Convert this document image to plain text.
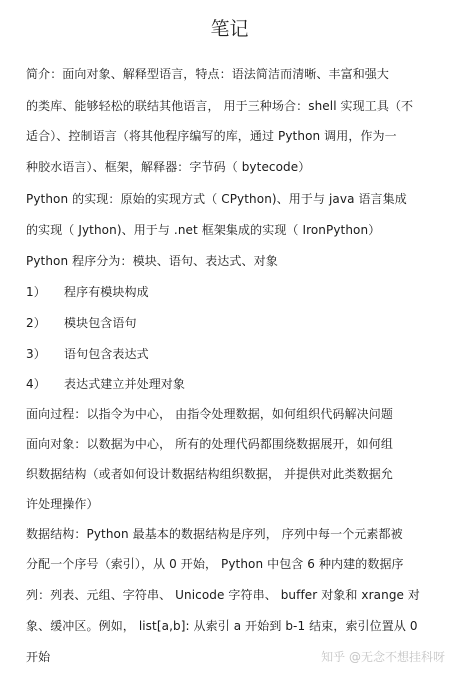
笔记
简介：面向对象、解释型语言，特点：语法简洁而清晰、丰富和强大
的类库、能够轻松的联结其他语言， 用于三种场合：shell 实现工具（不
适合）、控制语言（将其他程序编写的库，通过 Python 调用，作为一
种胶水语言）、框架，解释器：字节码（ bytecode）
Python 的实现：原始的实现方式（ CPython)、用于与 java 语言集成
的实现（ Jython)、用于与 .net 框架集成的实现（ IronPython）
Python 程序分为：模块、语句、表达式、对象
1） 程序有模块构成
2） 模块包含语句
3） 语句包含表达式
4） 表达式建立并处理对象
面向过程：以指令为中心， 由指令处理数据，如何组织代码解决问题
面向对象：以数据为中心， 所有的处理代码都围绕数据展开，如何组
织数据结构（或者如何设计数据结构组织数据， 并提供对此类数据允
许处理操作）
数据结构：Python 最基本的数据结构是序列， 序列中每一个元素都被
分配一个序号（索引），从 0 开始， Python 中包含 6 种内建的数据序
列：列表、元组、字符串、 Unicode 字符串、 buffer 对象和 xrange 对
象、缓冲区。例如， list[a,b]: 从索引 a 开始到 b-1 结束，索引位置从 0
开始	知乎 @无念不想挂科呀
